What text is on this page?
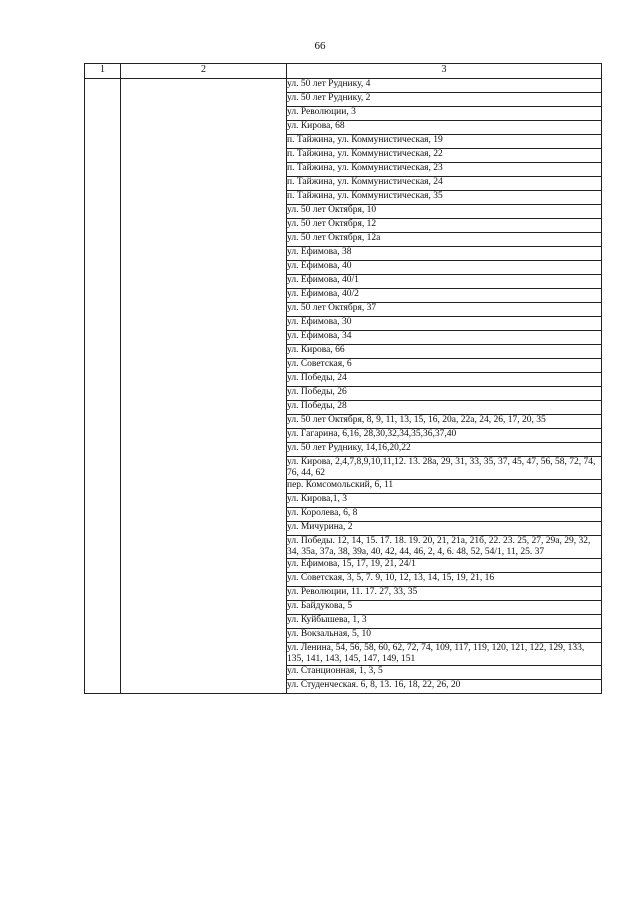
66
1	2	3
		ул. 50 лет Руднику, 4
		ул. 50 лет Руднику, 2
		ул. Революции, 3
		ул. Кирова, 68
		п. Тайжина, ул. Коммунистическая, 19
		п. Тайжина, ул. Коммунистическая, 22
		п. Тайжина, ул. Коммунистическая, 23
		п. Тайжина, ул. Коммунистическая, 24
		п. Тайжина, ул. Коммунистическая, 35
		ул. 50 лет Октября, 10
		ул. 50 лет Октября, 12
		ул. 50 лет Октября, 12а
		ул. Ефимова, 38
		ул. Ефимова, 40
		ул. Ефимова, 40/1
		ул. Ефимова, 40/2
		ул. 50 лет Октября, 37
		ул. Ефимова, 30
		ул. Ефимова, 34
		ул. Кирова, 66
		ул. Советская, 6
		ул. Победы, 24
		ул. Победы, 26
		ул. Победы, 28
		ул. 50 лет Октября, 8, 9, 11, 13, 15, 16, 20а, 22а, 24, 26, 17, 20, 35
		ул. Гагарина, 6,16, 28,30,32,34,35,36,37,40
		ул. 50 лет Руднику, 14,16,20,22
		ул. Кирова, 2,4,7,8,9,10,11,12. 13. 28а, 29, 31, 33, 35, 37, 45, 47, 56, 58, 72, 74, 76, 44, 62
		пер. Комсомольский, 6, 11
		ул. Кирова,1, 3
		ул. Королева, 6, 8
		ул. Мичурина, 2
		ул. Победы. 12, 14, 15. 17. 18. 19. 20, 21, 21а, 21б, 22. 23. 25, 27, 29а, 29, 32, 34, 35а, 37а, 38, 39а, 40, 42, 44, 46, 2, 4, 6. 48, 52, 54/1, 11, 25. 37
		ул. Ефимова, 15, 17, 19, 21, 24/1
		ул. Советская, 3, 5, 7. 9, 10, 12, 13, 14, 15, 19, 21, 16
		ул. Революции, 11. 17. 27, 33, 35
		ул. Байдукова, 5
		ул. Куйбышева, 1, 3
		ул. Вокзальная, 5, 10
		ул. Ленина, 54, 56, 58, 60, 62, 72, 74, 109, 117, 119, 120, 121, 122, 129, 133, 135, 141, 143, 145, 147, 149, 151
		ул. Станционная, 1, 3, 5
		ул. Студенческая. 6, 8, 13. 16, 18, 22, 26, 20
